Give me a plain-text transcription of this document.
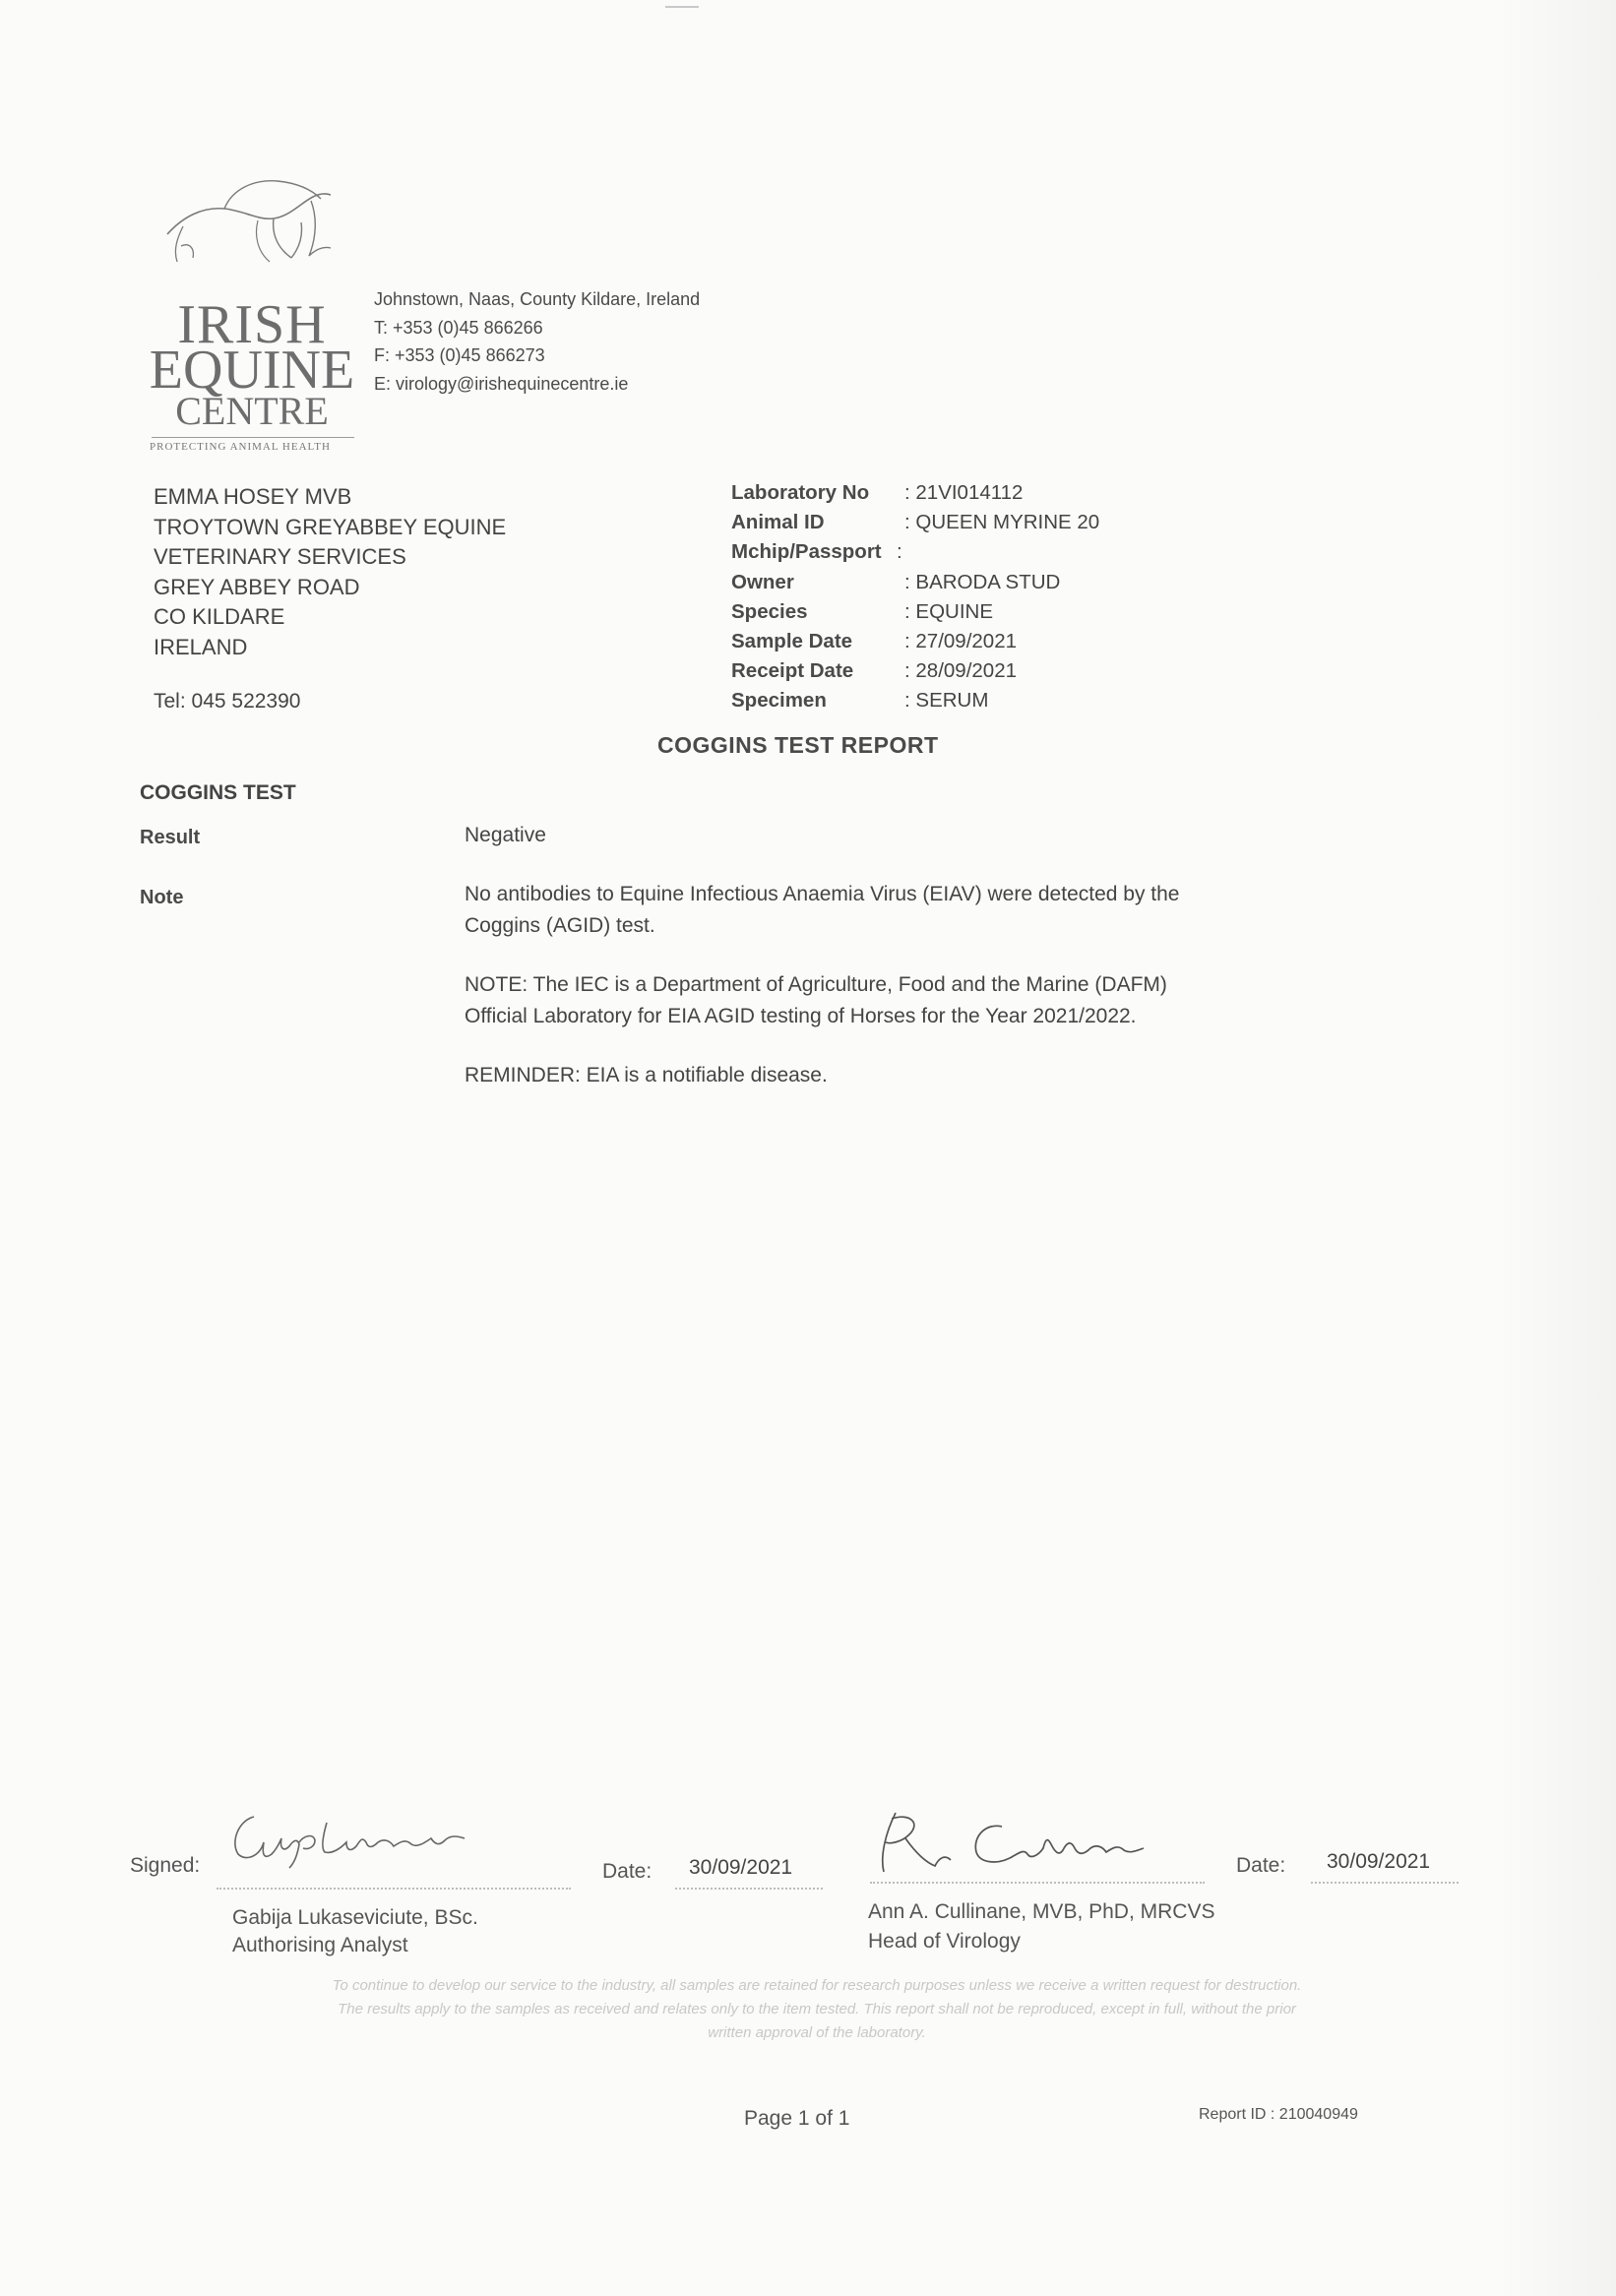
IRISH
EQUINE
CENTRE
PROTECTING ANIMAL HEALTH
Johnstown, Naas, County Kildare, Ireland
T: +353 (0)45 866266
F: +353 (0)45 866273
E: virology@irishequinecentre.ie
EMMA HOSEY MVB
TROYTOWN GREYABBEY EQUINE
VETERINARY SERVICES
GREY ABBEY ROAD
CO KILDARE
IRELAND
Tel: 045 522390
Laboratory No	: 21VI014112
Animal ID	: QUEEN MYRINE 20
Mchip/Passport :
Owner	: BARODA STUD
Species	: EQUINE
Sample Date	: 27/09/2021
Receipt Date	: 28/09/2021
Specimen	: SERUM
COGGINS TEST REPORT
COGGINS TEST
Result	Negative
Note	No antibodies to Equine Infectious Anaemia Virus (EIAV) were detected by the Coggins (AGID) test.

NOTE: The IEC is a Department of Agriculture, Food and the Marine (DAFM) Official Laboratory for EIA AGID testing of Horses for the Year 2021/2022.

REMINDER: EIA is a notifiable disease.

Signed:	Date: 30/09/2021
Gabija Lukaseviciute, BSc.
Authorising Analyst
Date: 30/09/2021
Ann A. Cullinane, MVB, PhD, MRCVS
Head of Virology
To continue to develop our service to the industry, all samples are retained for research purposes unless we receive a written request for destruction.
The results apply to the samples as received and relates only to the item tested. This report shall not be reproduced, except in full, without the prior
written approval of the laboratory.
Page 1 of 1	Report ID : 210040949
